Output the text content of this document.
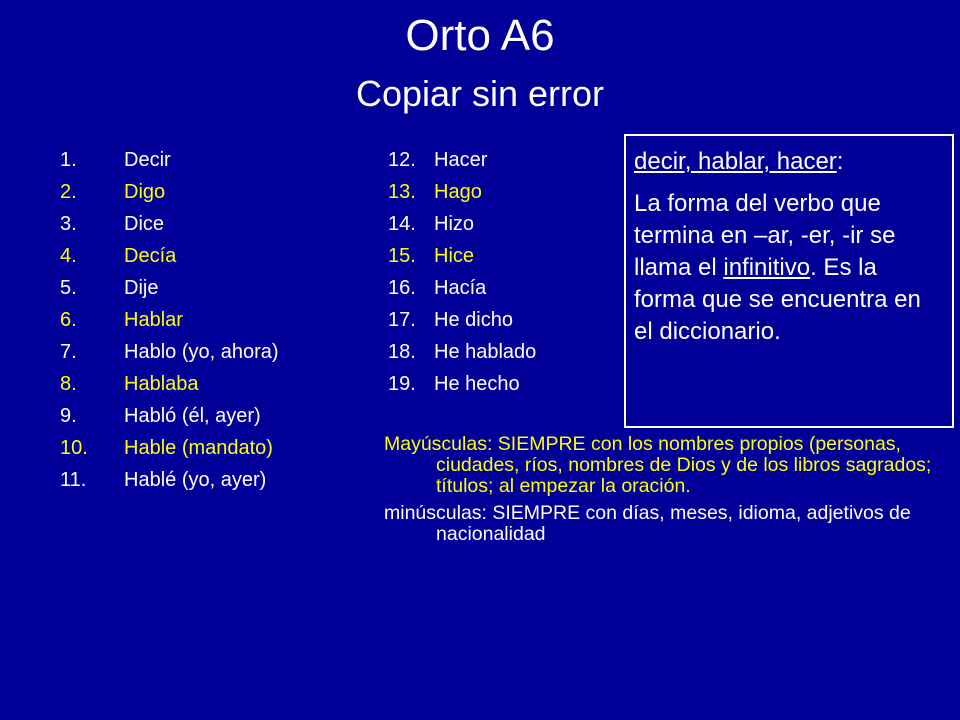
Orto A6
Copiar sin error
1. Decir
2. Digo
3. Dice
4. Decía
5. Dije
6. Hablar
7. Hablo (yo, ahora)
8. Hablaba
9. Habló (él, ayer)
10. Hable (mandato)
11. Hablé (yo, ayer)
12. Hacer
13. Hago
14. Hizo
15. Hice
16. Hacía
17. He dicho
18. He hablado
19. He hecho

decir, hablar, hacer:

La forma del verbo que termina en –ar, -er, -ir se llama el infinitivo. Es la forma que se encuentra en el diccionario.

Mayúsculas: SIEMPRE con los nombres propios (personas, ciudades, ríos, nombres de Dios y de los libros sagrados; títulos; al empezar la oración.

minúsculas: SIEMPRE con días, meses, idioma, adjetivos de nacionalidad
